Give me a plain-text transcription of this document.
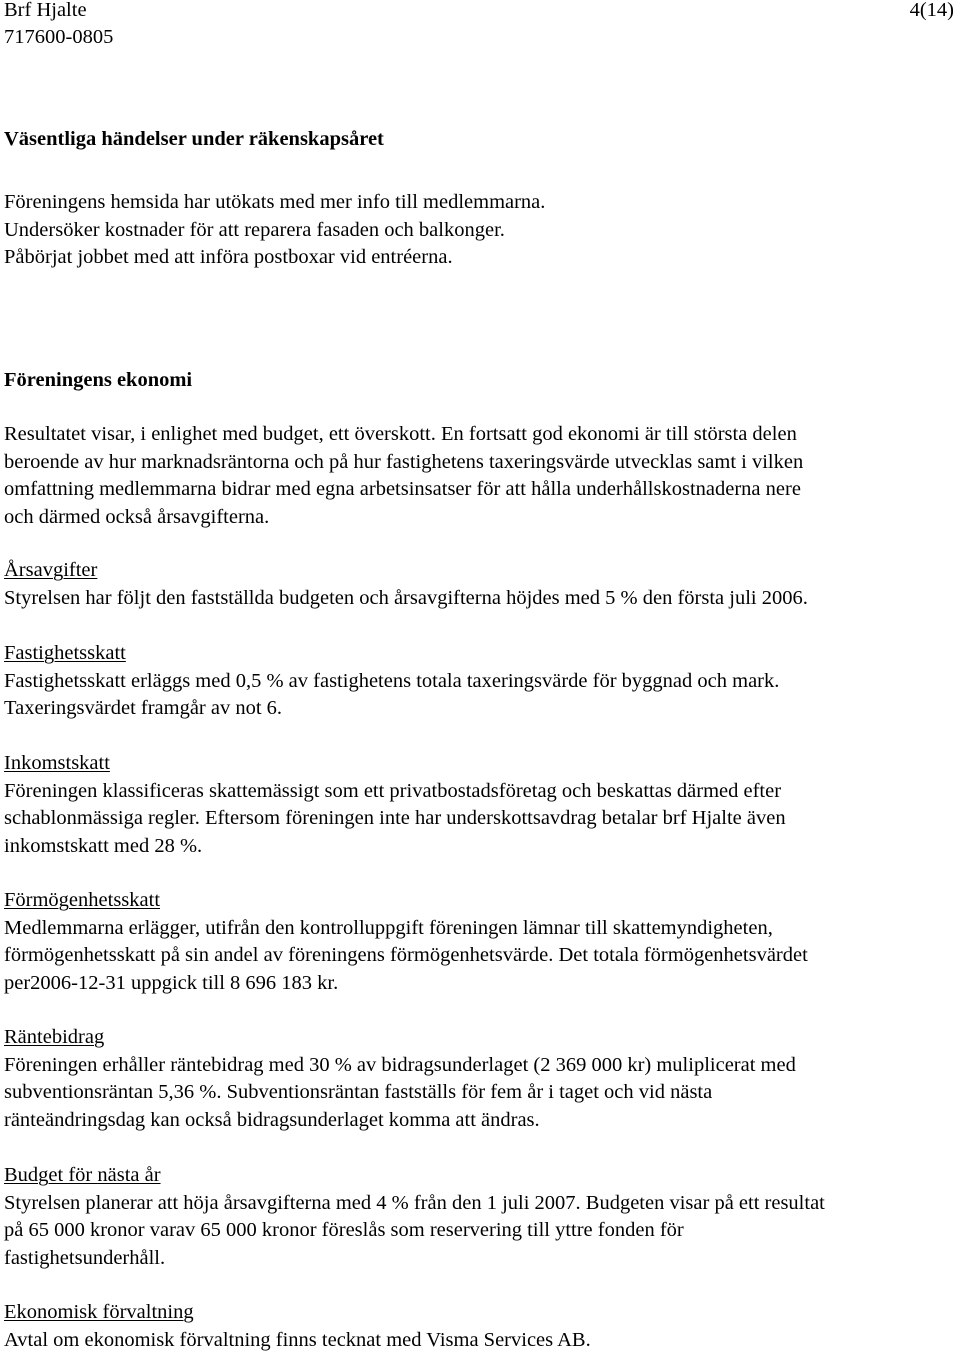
Brf Hjalte	4(14)
717600-0805

Väsentliga händelser under räkenskapsåret

Föreningens hemsida har utökats med mer info till medlemmarna.
Undersöker kostnader för att reparera fasaden och balkonger.
Påbörjat jobbet med att införa postboxar vid entréerna.

Föreningens ekonomi

Resultatet visar, i enlighet med budget, ett överskott. En fortsatt god ekonomi är till största delen
beroende av hur marknadsräntorna och på hur fastighetens taxeringsvärde utvecklas samt i vilken
omfattning medlemmarna bidrar med egna arbetsinsatser för att hålla underhållskostnaderna nere
och därmed också årsavgifterna.
Årsavgifter
Styrelsen har följt den fastställda budgeten och årsavgifterna höjdes med 5 % den första juli 2006.
Fastighetsskatt
Fastighetsskatt erläggs med 0,5 % av fastighetens totala taxeringsvärde för byggnad och mark.
Taxeringsvärdet framgår av not 6.
Inkomstskatt
Föreningen klassificeras skattemässigt som ett privatbostadsföretag och beskattas därmed efter
schablonmässiga regler. Eftersom föreningen inte har underskottsavdrag betalar brf Hjalte även
inkomstskatt med 28 %.
Förmögenhetsskatt
Medlemmarna erlägger, utifrån den kontrolluppgift föreningen lämnar till skattemyndigheten,
förmögenhetsskatt på sin andel av föreningens förmögenhetsvärde. Det totala förmögenhetsvärdet
per2006-12-31 uppgick till 8 696 183 kr.
Räntebidrag
Föreningen erhåller räntebidrag med 30 % av bidragsunderlaget (2 369 000 kr) muliplicerat med
subventionsräntan 5,36 %. Subventionsräntan fastställs för fem år i taget och vid nästa
ränteändringsdag kan också bidragsunderlaget komma att ändras.
Budget för nästa år
Styrelsen planerar att höja årsavgifterna med 4 % från den 1 juli 2007. Budgeten visar på ett resultat
på 65 000 kronor varav 65 000 kronor föreslås som reservering till yttre fonden för
fastighetsunderhåll.
Ekonomisk förvaltning
Avtal om ekonomisk förvaltning finns tecknat med Visma Services AB.
